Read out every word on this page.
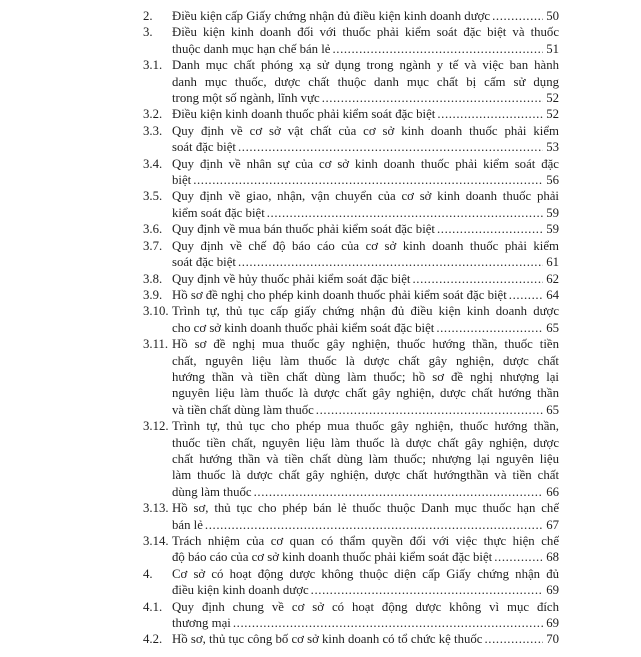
2.	Điều kiện cấp Giấy chứng nhận đủ điều kiện kinh doanh dược .....	50
3.	Điều kiện kinh doanh đối với thuốc phải kiểm soát đặc biệt và thuốc
thuộc danh mục hạn chế bán lẻ .....	51
3.1. Danh mục chất phóng xạ sử dụng trong ngành y tế và việc ban hành
danh mục thuốc, dược chất thuộc danh mục chất bị cấm sử dụng
trong một số ngành, lĩnh vực .....	52
3.2. Điều kiện kinh doanh thuốc phải kiểm soát đặc biệt .....	52
3.3. Quy định về cơ sở vật chất của cơ sở kinh doanh thuốc phải kiểm
soát đặc biệt .....	53
3.4. Quy định về nhân sự của cơ sở kinh doanh thuốc phải kiểm soát đặc
biệt .....	56
3.5. Quy định về giao, nhận, vận chuyển của cơ sở kinh doanh thuốc phải
kiểm soát đặc biệt .....	59
3.6. Quy định về mua bán thuốc phải kiểm soát đặc biệt .....	59
3.7. Quy định về chế độ báo cáo của cơ sở kinh doanh thuốc phải kiểm
soát đặc biệt .....	61
3.8. Quy định về hủy thuốc phải kiểm soát đặc biệt .....	62
3.9. Hồ sơ đề nghị cho phép kinh doanh thuốc phải kiểm soát đặc biệt .....	64
3.10. Trình tự, thủ tục cấp giấy chứng nhận đủ điều kiện kinh doanh dược
cho cơ sở kinh doanh thuốc phải kiểm soát đặc biệt .....	65
3.11. Hồ sơ đề nghị mua thuốc gây nghiện, thuốc hướng thần, thuốc tiền
chất, nguyên liệu làm thuốc là dược chất gây nghiện, dược chất
hướng thần và tiền chất dùng làm thuốc; hồ sơ đề nghị nhượng lại
nguyên liệu làm thuốc là dược chất gây nghiện, dược chất hướng thần
và tiền chất dùng làm thuốc .....	65
3.12. Trình tự, thủ tục cho phép mua thuốc gây nghiện, thuốc hướng thần,
thuốc tiền chất, nguyên liệu làm thuốc là dược chất gây nghiện, dược
chất hướng thần và tiền chất dùng làm thuốc; nhượng lại nguyên liệu
làm thuốc là dược chất gây nghiện, dược chất hướngthần và tiền chất
dùng làm thuốc .....	66
3.13. Hồ sơ, thủ tục cho phép bán lẻ thuốc thuộc Danh mục thuốc hạn chế
bán lẻ .....	67
3.14. Trách nhiệm của cơ quan có thẩm quyền đối với việc thực hiện chế
độ báo cáo của cơ sở kinh doanh thuốc phải kiểm soát đặc biệt .....	68
4.	Cơ sở có hoạt động dược không thuộc diện cấp Giấy chứng nhận đủ
điều kiện kinh doanh dược .....	69
4.1. Quy định chung về cơ sở có hoạt động dược không vì mục đích
thương mại .....	69
4.2. Hồ sơ, thủ tục công bố cơ sở kinh doanh có tổ chức kệ thuốc .....	70
